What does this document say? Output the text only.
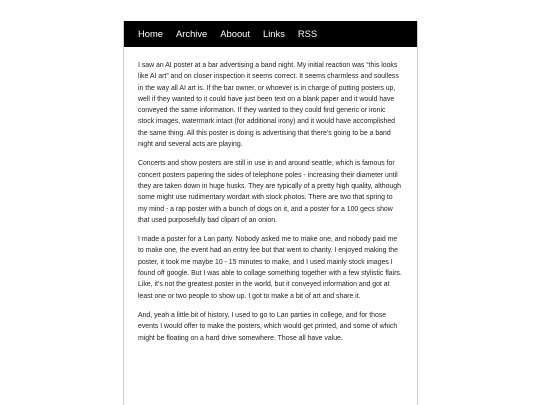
Home Archive Aboout Links RSS

I saw an AI poster at a bar advertising a band night. My initial reaction was “this looks like AI art” and on closer inspection it seems correct. It seems charmless and soulless in the way all AI art is. If the bar owner, or whoever is in charge of putting posters up, well if they wanted to it could have just been text on a blank paper and it would have conveyed the same information. If they wanted to they could find generic or ironic stock images, watermark intact (for additional irony) and it would have accomplished the same thing. All this poster is doing is advertising that there’s going to be a band night and several acts are playing.

Concerts and show posters are still in use in and around seattle, which is famous for concert posters papering the sides of telephone poles - increasing their diameter until they are taken down in huge husks. They are typically of a pretty high quality, although some might use rudimentary wordart with stock photos. There are two that spring to my mind - a rap poster with a bunch of dogs on it, and a poster for a 100 gecs show that used purposefully bad clipart of an onion.

I made a poster for a Lan party. Nobody asked me to make one, and nobody paid me to make one, the event had an entry fee but that went to charity. I enjoyed making the poster, it took me maybe 10 - 15 minutes to make, and I used mainly stock images I found off google. But I was able to collage something together with a few stylistic flairs. Like, it’s not the greatest poster in the world, but it conveyed information and got at least one or two people to show up. I got to make a bit of art and share it.

And, yeah a little bit of history, I used to go to Lan parties in college, and for those events I would offer to make the posters, which would get printed, and some of which might be floating on a hard drive somewhere. Those all have value.
